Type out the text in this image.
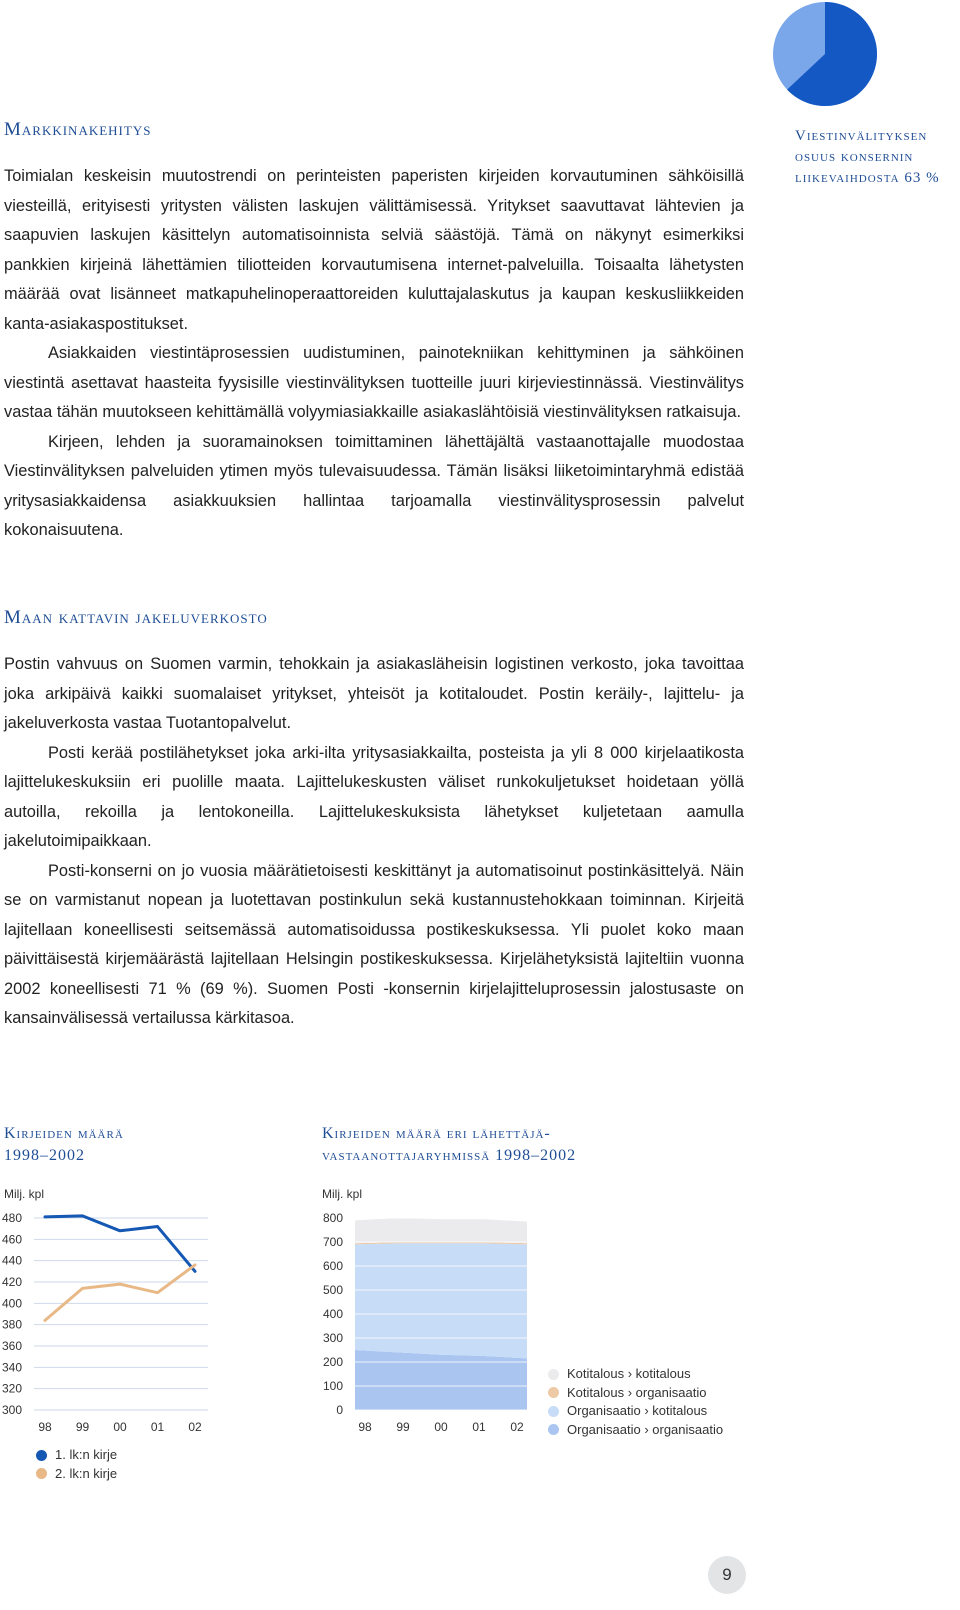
Viestinvälityksen
osuus konsernin
liikevaihdosta 63 %
Markkinakehitys

Toimialan keskeisin muutostrendi on perinteisten paperisten kirjeiden korvautuminen sähköisillä viesteillä, erityisesti yritysten välisten laskujen välittämisessä. Yritykset saavuttavat lähtevien ja saapuvien laskujen käsittelyn automatisoinnista selviä säästöjä. Tämä on näkynyt esimerkiksi pankkien kirjeinä lähettämien tiliotteiden korvautumisena internet-palveluilla. Toisaalta lähetysten määrää ovat lisänneet matkapuhelinoperaattoreiden kuluttajalaskutus ja kaupan keskusliikkeiden kanta-asiakaspostitukset.

Asiakkaiden viestintäprosessien uudistuminen, painotekniikan kehittyminen ja sähköinen viestintä asettavat haasteita fyysisille viestinvälityksen tuotteille juuri kirjeviestinnässä. Viestinvälitys vastaa tähän muutokseen kehittämällä volyymiasiakkaille asiakaslähtöisiä viestinvälityksen ratkaisuja.

Kirjeen, lehden ja suoramainoksen toimittaminen lähettäjältä vastaanottajalle muodostaa Viestinvälityksen palveluiden ytimen myös tulevaisuudessa. Tämän lisäksi liiketoimintaryhmä edistää yritysasiakkaidensa asiakkuuksien hallintaa tarjoamalla viestinvälitysprosessin palvelut kokonaisuutena.

Maan kattavin jakeluverkosto

Postin vahvuus on Suomen varmin, tehokkain ja asiakasläheisin logistinen verkosto, joka tavoittaa joka arkipäivä kaikki suomalaiset yritykset, yhteisöt ja kotitaloudet. Postin keräily-, lajittelu- ja jakeluverkosta vastaa Tuotantopalvelut.

Posti kerää postilähetykset joka arki-ilta yritysasiakkailta, posteista ja yli 8 000 kirjelaatikosta lajittelukeskuksiin eri puolille maata. Lajittelukeskusten väliset runkokuljetukset hoidetaan yöllä autoilla, rekoilla ja lentokoneilla. Lajittelukeskuksista lähetykset kuljetetaan aamulla jakelutoimipaikkaan.

Posti-konserni on jo vuosia määrätietoisesti keskittänyt ja automatisoinut postinkäsittelyä. Näin se on varmistanut nopean ja luotettavan postinkulun sekä kustannustehokkaan toiminnan. Kirjeitä lajitellaan koneellisesti seitsemässä automatisoidussa postikeskuksessa. Yli puolet koko maan päivittäisestä kirjemäärästä lajitellaan Helsingin postikeskuksessa. Kirjelähetyksistä lajiteltiin vuonna 2002 koneellisesti 71 % (69 %). Suomen Posti -konsernin kirjelajitteluprosessin jalostusaste on kansainvälisessä vertailussa kärkitasoa.

Kirjeiden määrä
1998–2002
Milj. kpl
300
320
340
360
380
400
420
440
460
480
98 99 00 01 02
1. lk:n kirje
2. lk:n kirje
Kirjeiden määrä eri lähettäjä-
vastaanottajaryhmissä 1998–2002
Milj. kpl
0
100
200
300
400
500
600
700
800
98 99 00 01 02
Kotitalous › kotitalous
Kotitalous › organisaatio
Organisaatio › kotitalous
Organisaatio › organisaatio
9
